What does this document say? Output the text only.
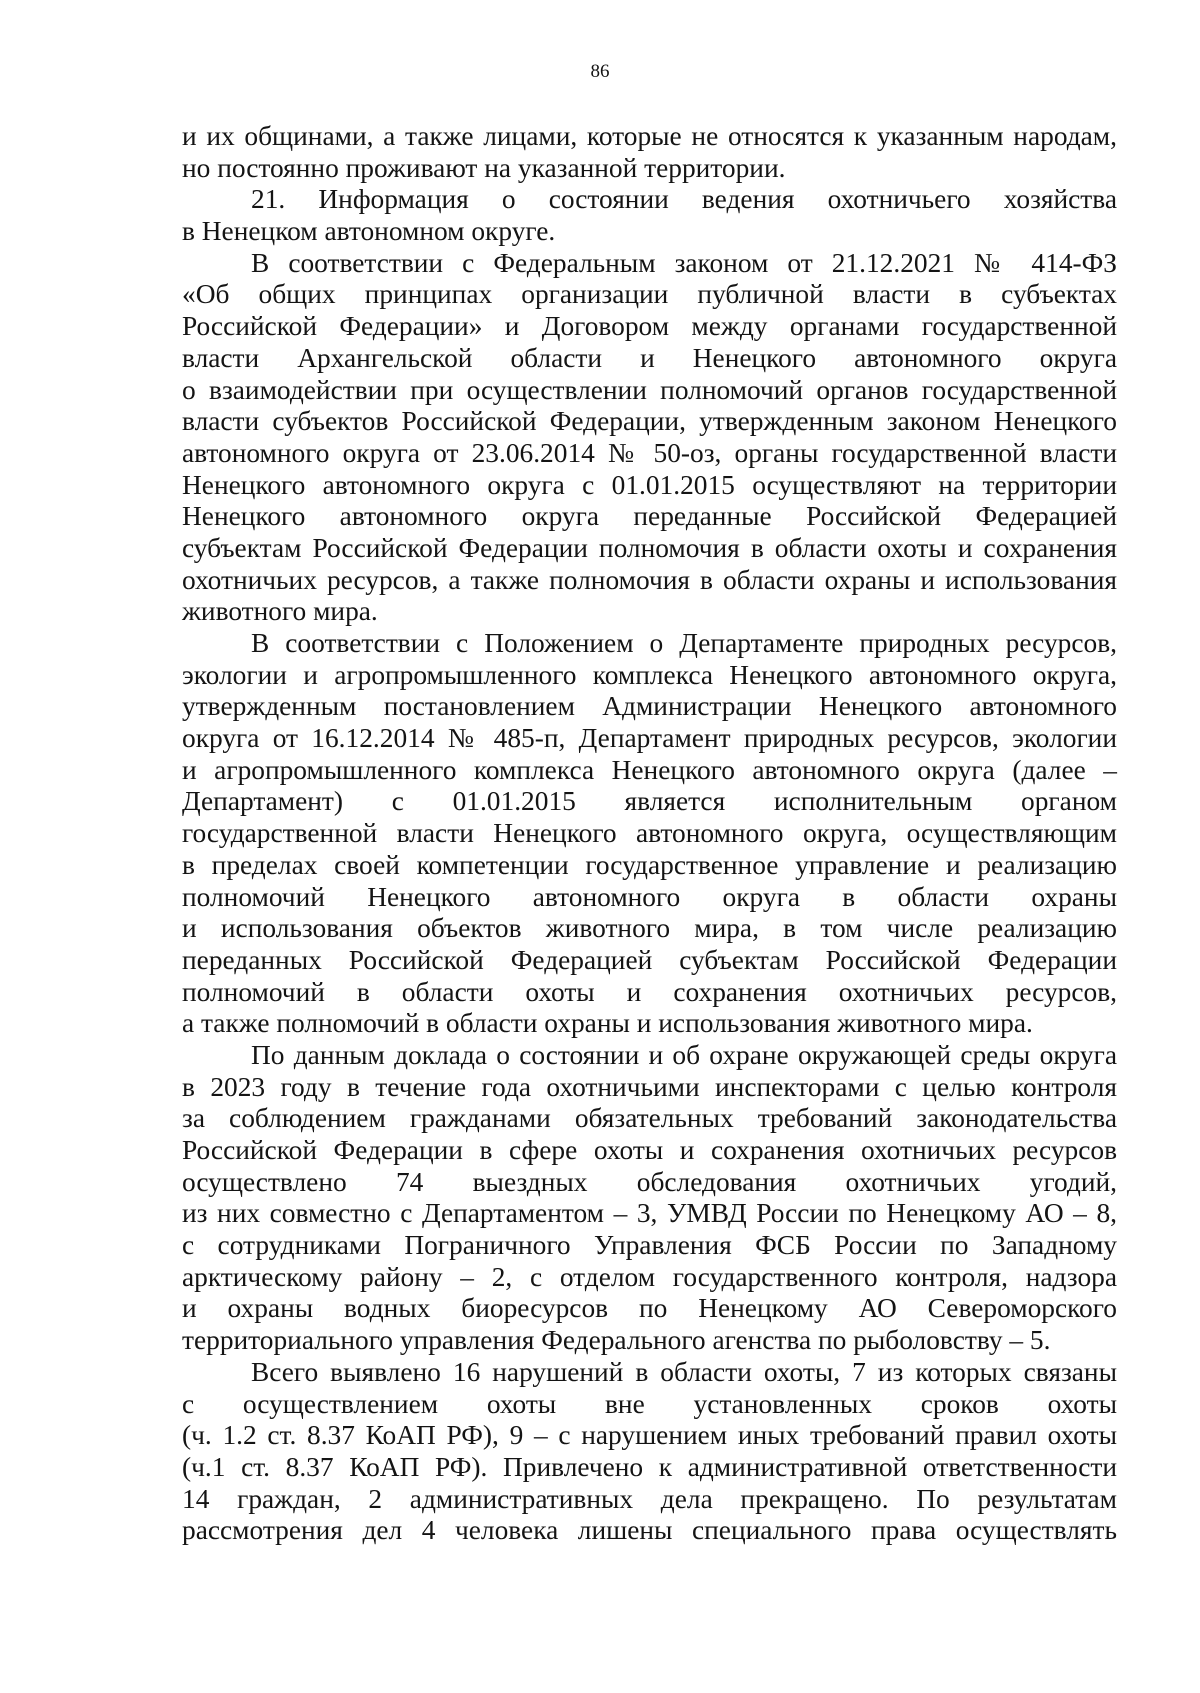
86
и их общинами, а также лицами, которые не относятся к указанным народам,
но постоянно проживают на указанной территории.
21. Информация о состоянии ведения охотничьего хозяйства
в Ненецком автономном округе.
В соответствии с Федеральным законом от 21.12.2021 № 414-ФЗ
«Об общих принципах организации публичной власти в субъектах
Российской Федерации» и Договором между органами государственной
власти Архангельской области и Ненецкого автономного округа
о взаимодействии при осуществлении полномочий органов государственной
власти субъектов Российской Федерации, утвержденным законом Ненецкого
автономного округа от 23.06.2014 № 50-оз, органы государственной власти
Ненецкого автономного округа с 01.01.2015 осуществляют на территории
Ненецкого автономного округа переданные Российской Федерацией
субъектам Российской Федерации полномочия в области охоты и сохранения
охотничьих ресурсов, а также полномочия в области охраны и использования
животного мира.
В соответствии с Положением о Департаменте природных ресурсов,
экологии и агропромышленного комплекса Ненецкого автономного округа,
утвержденным постановлением Администрации Ненецкого автономного
округа от 16.12.2014 № 485-п, Департамент природных ресурсов, экологии
и агропромышленного комплекса Ненецкого автономного округа (далее –
Департамент) с 01.01.2015 является исполнительным органом
государственной власти Ненецкого автономного округа, осуществляющим
в пределах своей компетенции государственное управление и реализацию
полномочий Ненецкого автономного округа в области охраны
и использования объектов животного мира, в том числе реализацию
переданных Российской Федерацией субъектам Российской Федерации
полномочий в области охоты и сохранения охотничьих ресурсов,
а также полномочий в области охраны и использования животного мира.
По данным доклада о состоянии и об охране окружающей среды округа
в 2023 году в течение года охотничьими инспекторами с целью контроля
за соблюдением гражданами обязательных требований законодательства
Российской Федерации в сфере охоты и сохранения охотничьих ресурсов
осуществлено 74 выездных обследования охотничьих угодий,
из них совместно с Департаментом – 3, УМВД России по Ненецкому АО – 8,
с сотрудниками Пограничного Управления ФСБ России по Западному
арктическому району – 2, с отделом государственного контроля, надзора
и охраны водных биоресурсов по Ненецкому АО Североморского
территориального управления Федерального агенства по рыболовству – 5.
Всего выявлено 16 нарушений в области охоты, 7 из которых связаны
с осуществлением охоты вне установленных сроков охоты
(ч. 1.2 ст. 8.37 КоАП РФ), 9 – с нарушением иных требований правил охоты
(ч.1 ст. 8.37 КоАП РФ). Привлечено к административной ответственности
14 граждан, 2 административных дела прекращено. По результатам
рассмотрения дел 4 человека лишены специального права осуществлять
